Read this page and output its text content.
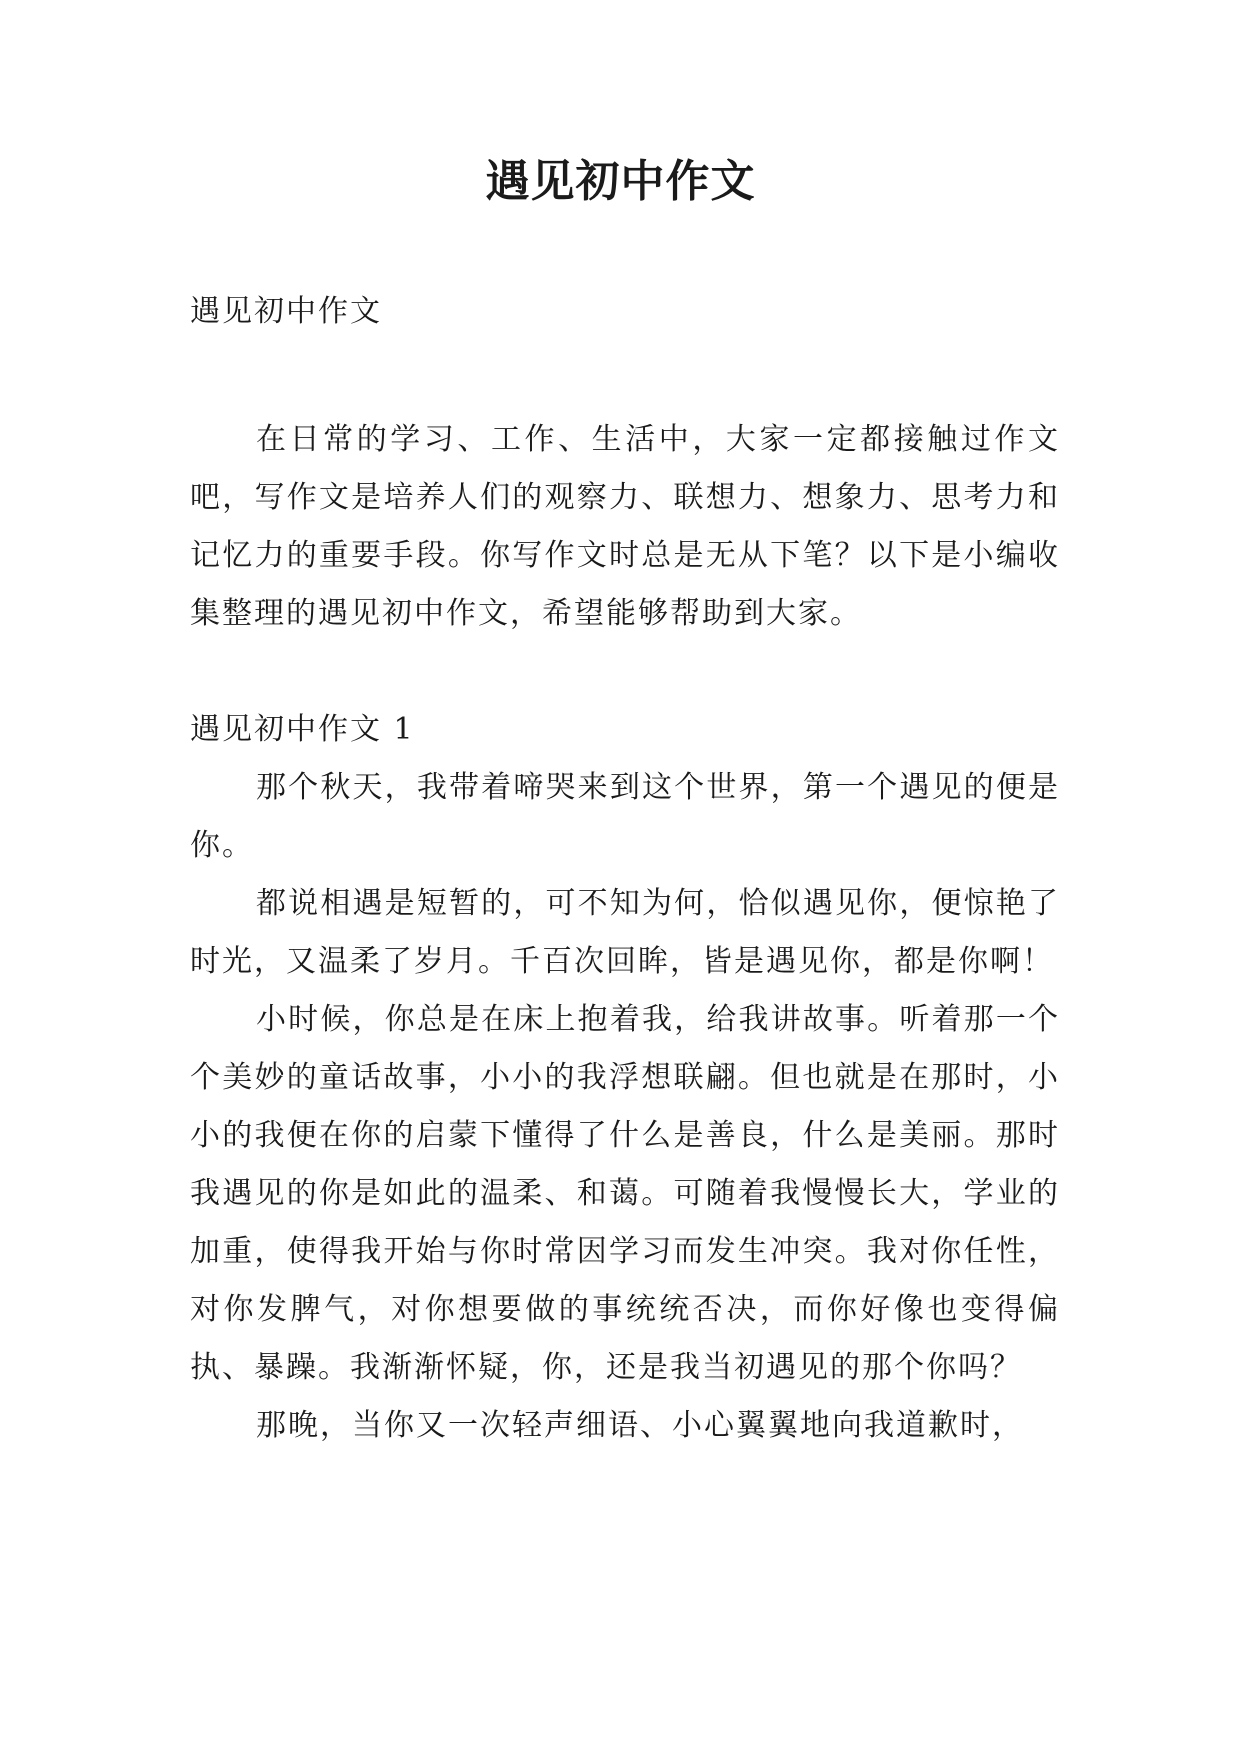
遇见初中作文

遇见初中作文

在日常的学习、工作、生活中，大家一定都接触过作文吧，写作文是培养人们的观察力、联想力、想象力、思考力和记忆力的重要手段。你写作文时总是无从下笔？以下是小编收集整理的遇见初中作文，希望能够帮助到大家。

遇见初中作文 1

那个秋天，我带着啼哭来到这个世界，第一个遇见的便是你。

都说相遇是短暂的，可不知为何，恰似遇见你，便惊艳了时光，又温柔了岁月。千百次回眸，皆是遇见你，都是你啊！

小时候，你总是在床上抱着我，给我讲故事。听着那一个个美妙的童话故事，小小的我浮想联翩。但也就是在那时，小小的我便在你的启蒙下懂得了什么是善良，什么是美丽。那时我遇见的你是如此的温柔、和蔼。可随着我慢慢长大，学业的加重，使得我开始与你时常因学习而发生冲突。我对你任性，对你发脾气，对你想要做的事统统否决，而你好像也变得偏执、暴躁。我渐渐怀疑，你，还是我当初遇见的那个你吗？

那晚，当你又一次轻声细语、小心翼翼地向我道歉时，
